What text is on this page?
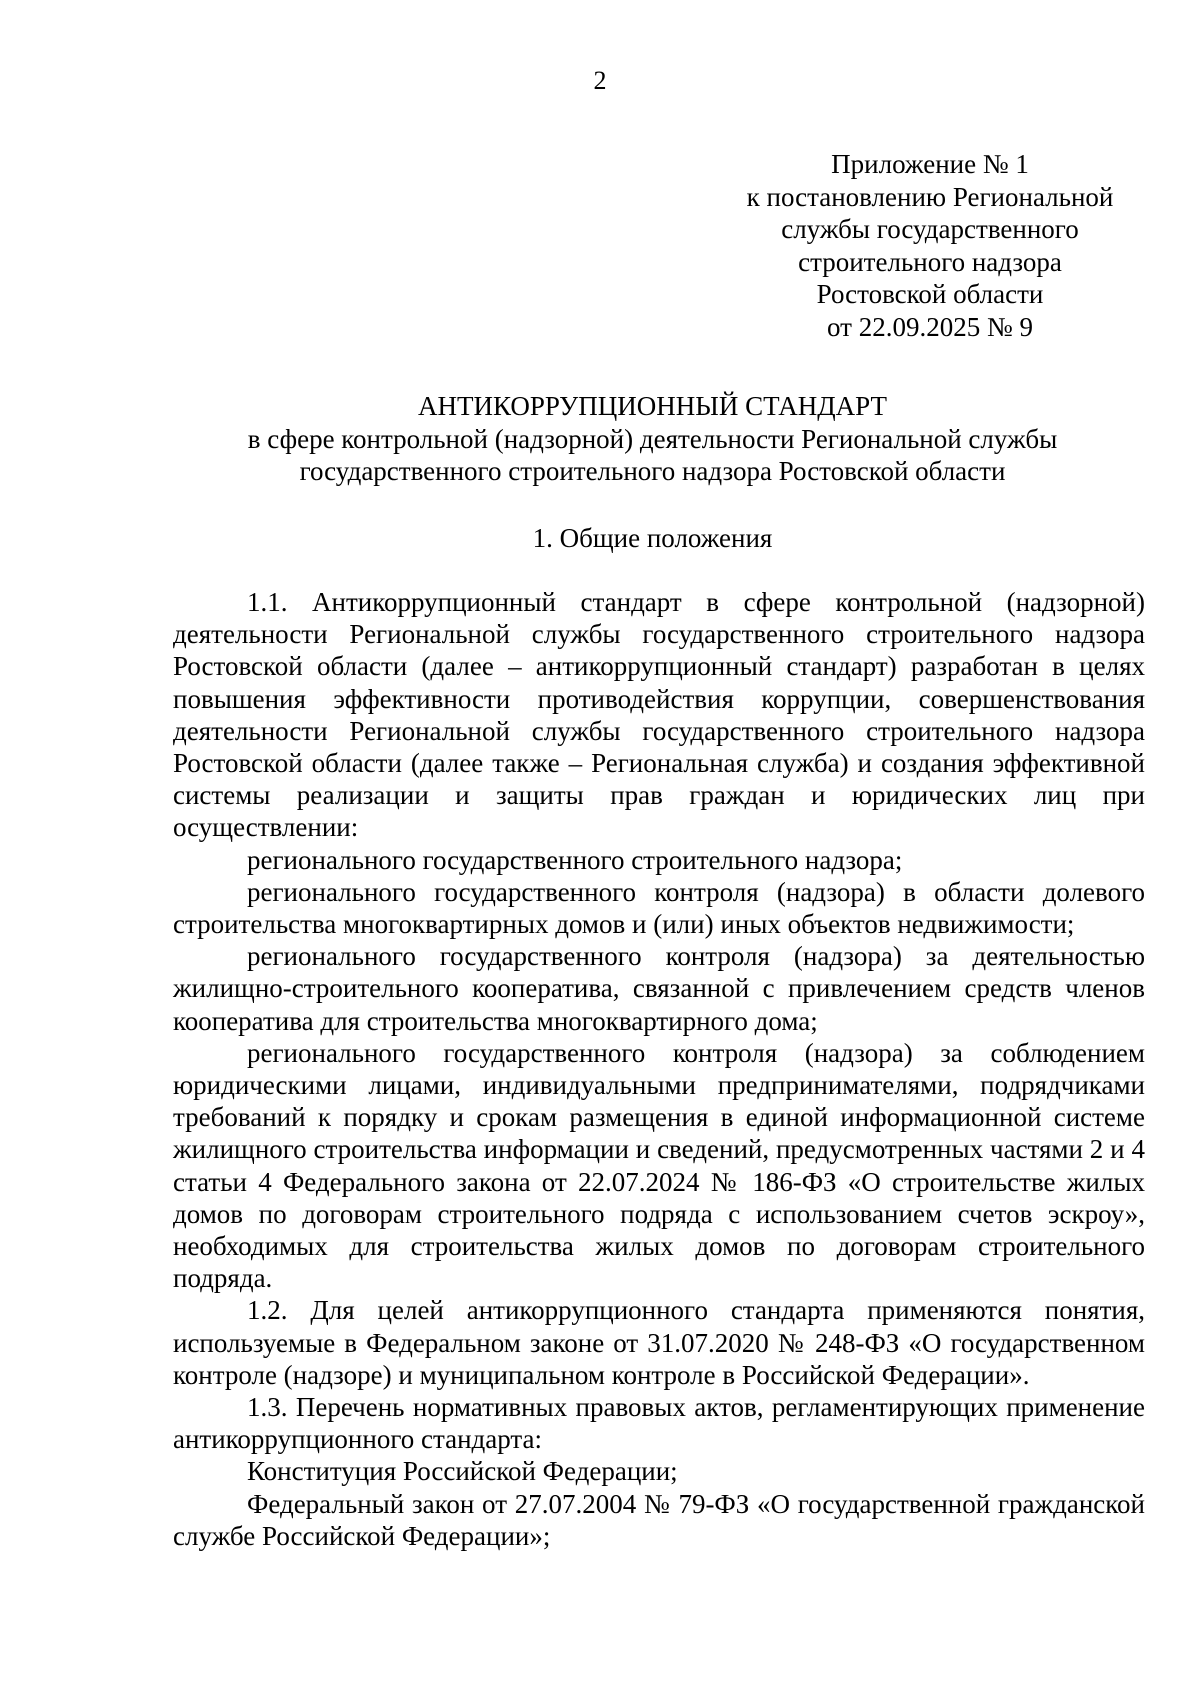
2
Приложение № 1
к постановлению Региональной
службы государственного
строительного надзора
Ростовской области
от 22.09.2025 № 9
АНТИКОРРУПЦИОННЫЙ СТАНДАРТ
в сфере контрольной (надзорной) деятельности Региональной службы
государственного строительного надзора Ростовской области
1. Общие положения

1.1. Антикоррупционный стандарт в сфере контрольной (надзорной) деятельности Региональной службы государственного строительного надзора Ростовской области (далее – антикоррупционный стандарт) разработан в целях повышения эффективности противодействия коррупции, совершенствования деятельности Региональной службы государственного строительного надзора Ростовской области (далее также – Региональная служба) и создания эффективной системы реализации и защиты прав граждан и юридических лиц при осуществлении:

регионального государственного строительного надзора;

регионального государственного контроля (надзора) в области долевого строительства многоквартирных домов и (или) иных объектов недвижимости;

регионального государственного контроля (надзора) за деятельностью жилищно-строительного кооператива, связанной с привлечением средств членов кооператива для строительства многоквартирного дома;

регионального государственного контроля (надзора) за соблюдением юридическими лицами, индивидуальными предпринимателями, подрядчиками требований к порядку и срокам размещения в единой информационной системе жилищного строительства информации и сведений, предусмотренных частями 2 и 4 статьи 4 Федерального закона от 22.07.2024 № 186-ФЗ «О строительстве жилых домов по договорам строительного подряда с использованием счетов эскроу», необходимых для строительства жилых домов по договорам строительного подряда.

1.2. Для целей антикоррупционного стандарта применяются понятия, используемые в Федеральном законе от 31.07.2020 № 248-ФЗ «О государственном контроле (надзоре) и муниципальном контроле в Российской Федерации».

1.3. Перечень нормативных правовых актов, регламентирующих применение антикоррупционного стандарта:

Конституция Российской Федерации;

Федеральный закон от 27.07.2004 № 79-ФЗ «О государственной гражданской службе Российской Федерации»;
